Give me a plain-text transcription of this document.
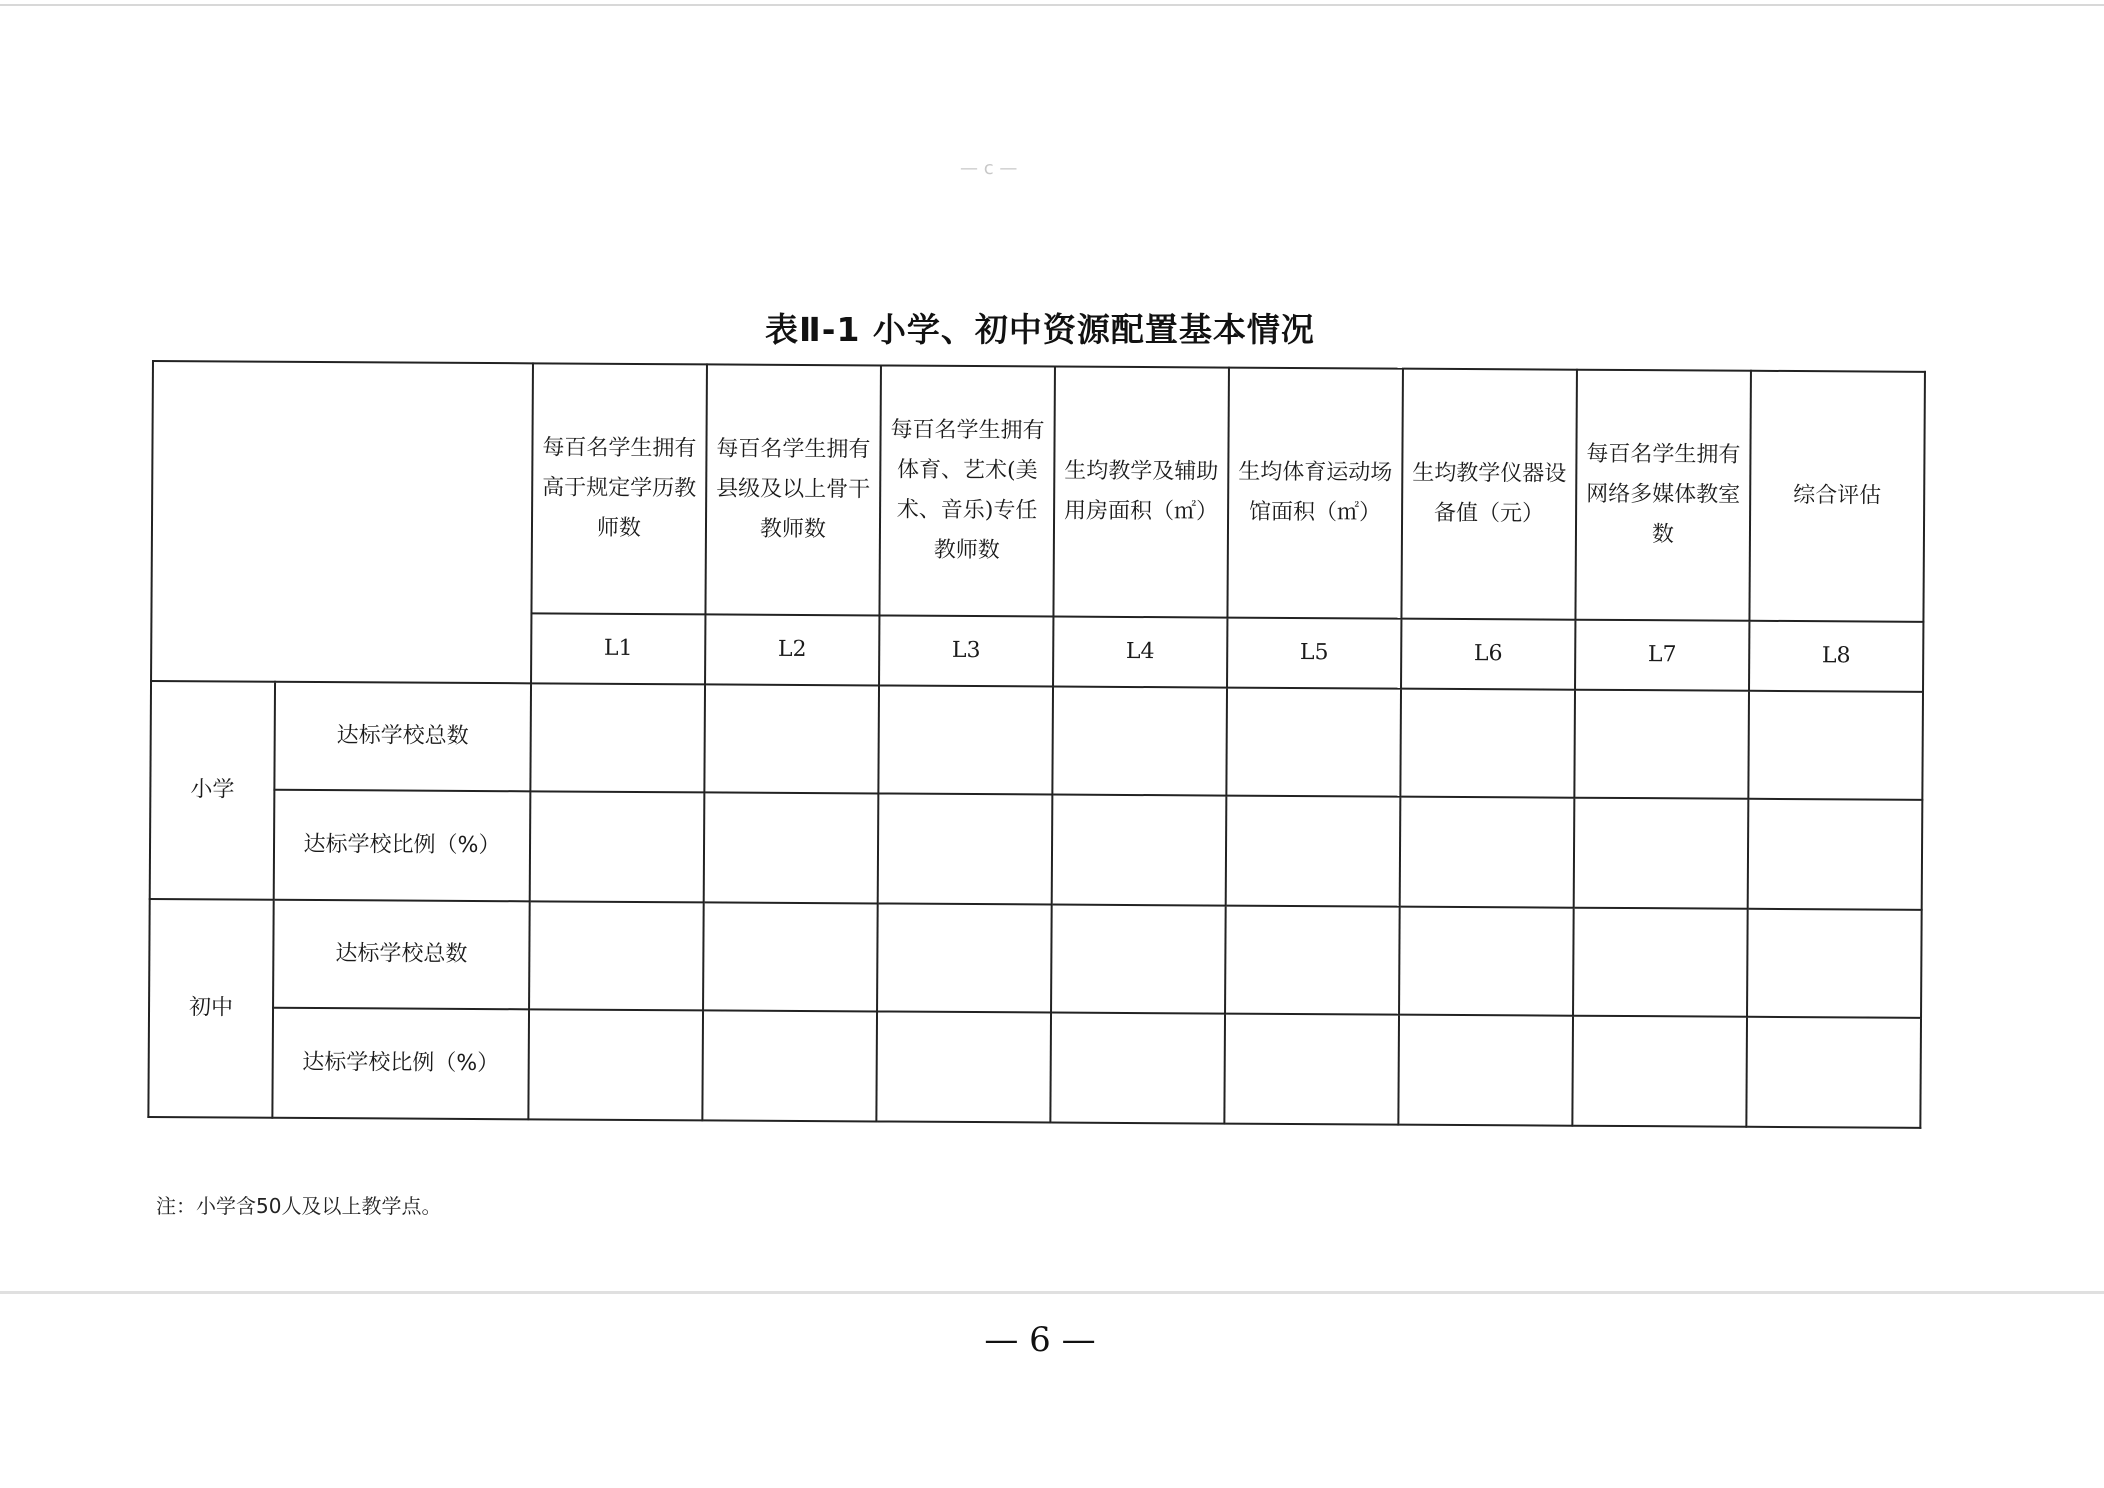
— c —
表Ⅱ-1 小学、初中资源配置基本情况
		每百名学生拥有高于规定学历教师数	每百名学生拥有县级及以上骨干教师数	每百名学生拥有体育、艺术(美术、音乐)专任教师数	生均教学及辅助用房面积（㎡）	生均体育运动场馆面积（㎡）	生均教学仪器设备值（元）	每百名学生拥有网络多媒体教室数	综合评估
		L1	L2	L3	L4	L5	L6	L7	L8
小学	达标学校总数								
	达标学校比例（%）								
初中	达标学校总数								
	达标学校比例（%）								
注：小学含50人及以上教学点。
— 6 —
